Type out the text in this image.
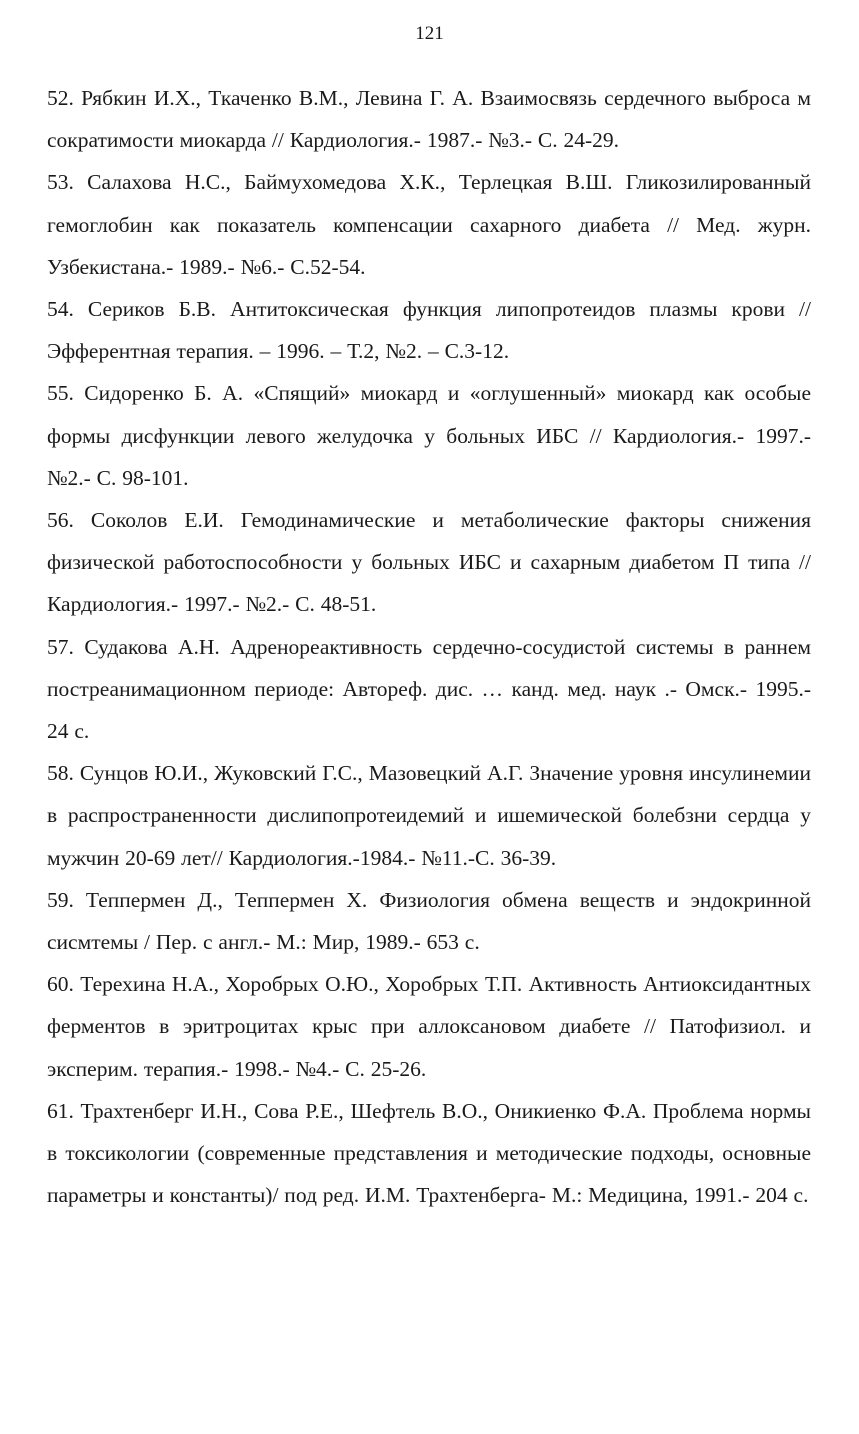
121

52. Рябкин И.Х., Ткаченко В.М., Левина Г. А. Взаимосвязь сердечного выброса м сократимости миокарда // Кардиология.- 1987.- №3.- С. 24-29.

53. Салахова Н.С., Баймухомедова Х.К., Терлецкая В.Ш. Гликозилированный гемоглобин как показатель компенсации сахарного диабета // Мед. журн. Узбекистана.- 1989.- №6.- С.52-54.

54. Сериков Б.В. Антитоксическая функция липопротеидов плазмы крови // Эфферентная терапия. – 1996. – Т.2, №2. – С.3-12.

55. Сидоренко Б. А. «Спящий» миокард и «оглушенный» миокард как особые формы дисфункции левого желудочка у больных ИБС // Кардиология.- 1997.- №2.- С. 98-101.

56. Соколов Е.И. Гемодинамические и метаболические факторы снижения физической работоспособности у больных ИБС и сахарным диабетом П типа // Кардиология.- 1997.- №2.- С. 48-51.

57. Судакова А.Н. Адренореактивность сердечно-сосудистой системы в раннем постреанимационном периоде: Автореф. дис. … канд. мед. наук .- Омск.- 1995.- 24 с.

58. Сунцов Ю.И., Жуковский Г.С., Мазовецкий А.Г. Значение уровня инсулинемии в распространенности дислипопротеидемий и ишемической болебзни сердца у мужчин 20-69 лет// Кардиология.-1984.- №11.-С. 36-39.

59. Теппермен Д., Теппермен Х. Физиология обмена веществ и эндокринной сисмтемы / Пер. с англ.- М.: Мир, 1989.- 653 с.

60. Терехина Н.А., Хоробрых О.Ю., Хоробрых Т.П. Активность Антиоксидантных ферментов в эритроцитах крыс при аллоксановом диабете // Патофизиол. и эксперим. терапия.- 1998.- №4.- С. 25-26.

61. Трахтенберг И.Н., Сова Р.Е., Шефтель В.О., Оникиенко Ф.А. Проблема нормы в токсикологии (современные представления и методические подходы, основные параметры и константы)/ под ред. И.М. Трахтенберга- М.: Медицина, 1991.- 204 с.
